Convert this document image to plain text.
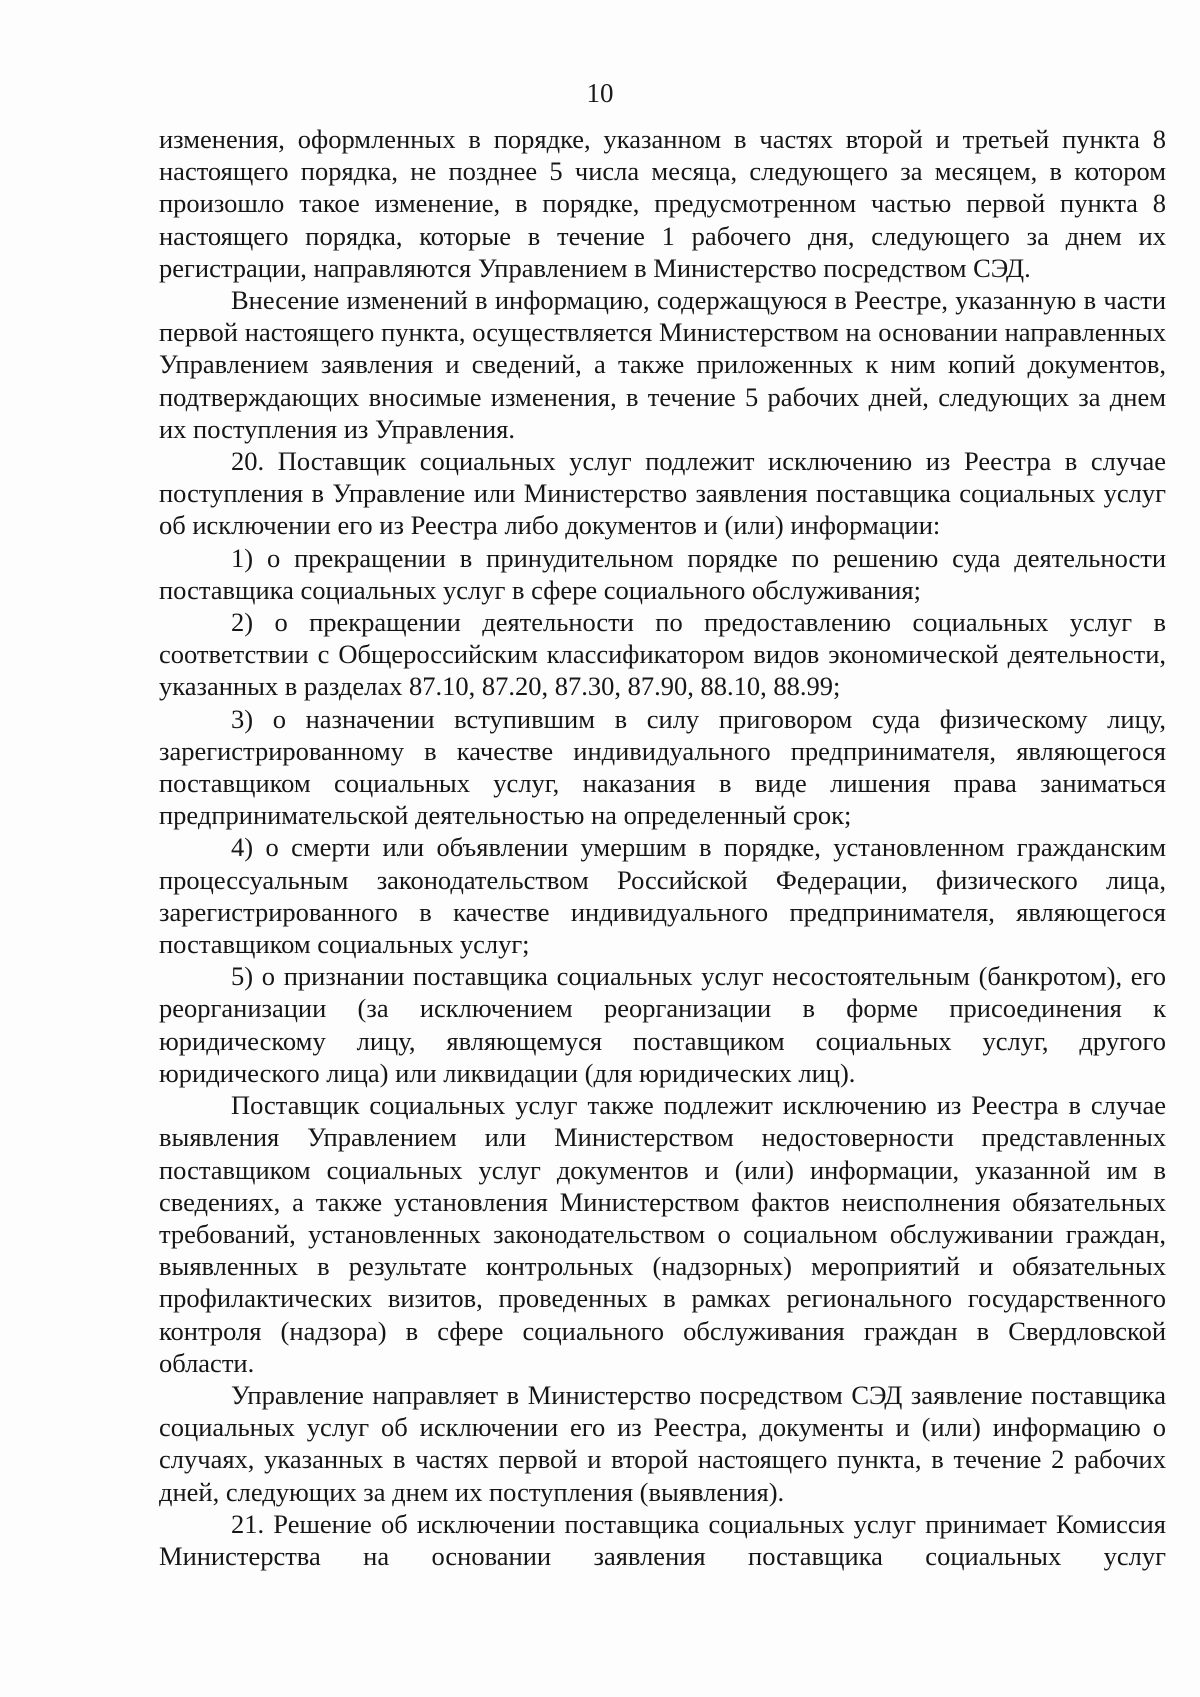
10

изменения, оформленных в порядке, указанном в частях второй и третьей пункта 8 настоящего порядка, не позднее 5 числа месяца, следующего за месяцем, в котором произошло такое изменение, в порядке, предусмотренном частью первой пункта 8 настоящего порядка, которые в течение 1 рабочего дня, следующего за днем их регистрации, направляются Управлением в Министерство посредством СЭД.

Внесение изменений в информацию, содержащуюся в Реестре, указанную в части первой настоящего пункта, осуществляется Министерством на основании направленных Управлением заявления и сведений, а также приложенных к ним копий документов, подтверждающих вносимые изменения, в течение 5 рабочих дней, следующих за днем их поступления из Управления.

20. Поставщик социальных услуг подлежит исключению из Реестра в случае поступления в Управление или Министерство заявления поставщика социальных услуг об исключении его из Реестра либо документов и (или) информации:

1) о прекращении в принудительном порядке по решению суда деятельности поставщика социальных услуг в сфере социального обслуживания;

2) о прекращении деятельности по предоставлению социальных услуг в соответствии с Общероссийским классификатором видов экономической деятельности, указанных в разделах 87.10, 87.20, 87.30, 87.90, 88.10, 88.99;

3) о назначении вступившим в силу приговором суда физическому лицу, зарегистрированному в качестве индивидуального предпринимателя, являющегося поставщиком социальных услуг, наказания в виде лишения права заниматься предпринимательской деятельностью на определенный срок;

4) о смерти или объявлении умершим в порядке, установленном гражданским процессуальным законодательством Российской Федерации, физического лица, зарегистрированного в качестве индивидуального предпринимателя, являющегося поставщиком социальных услуг;

5) о признании поставщика социальных услуг несостоятельным (банкротом), его реорганизации (за исключением реорганизации в форме присоединения к юридическому лицу, являющемуся поставщиком социальных услуг, другого юридического лица) или ликвидации (для юридических лиц).

Поставщик социальных услуг также подлежит исключению из Реестра в случае выявления Управлением или Министерством недостоверности представленных поставщиком социальных услуг документов и (или) информации, указанной им в сведениях, а также установления Министерством фактов неисполнения обязательных требований, установленных законодательством о социальном обслуживании граждан, выявленных в результате контрольных (надзорных) мероприятий и обязательных профилактических визитов, проведенных в рамках регионального государственного контроля (надзора) в сфере социального обслуживания граждан в Свердловской области.

Управление направляет в Министерство посредством СЭД заявление поставщика социальных услуг об исключении его из Реестра, документы и (или) информацию о случаях, указанных в частях первой и второй настоящего пункта, в течение 2 рабочих дней, следующих за днем их поступления (выявления).

21. Решение об исключении поставщика социальных услуг принимает Комиссия Министерства на основании заявления поставщика социальных услуг
